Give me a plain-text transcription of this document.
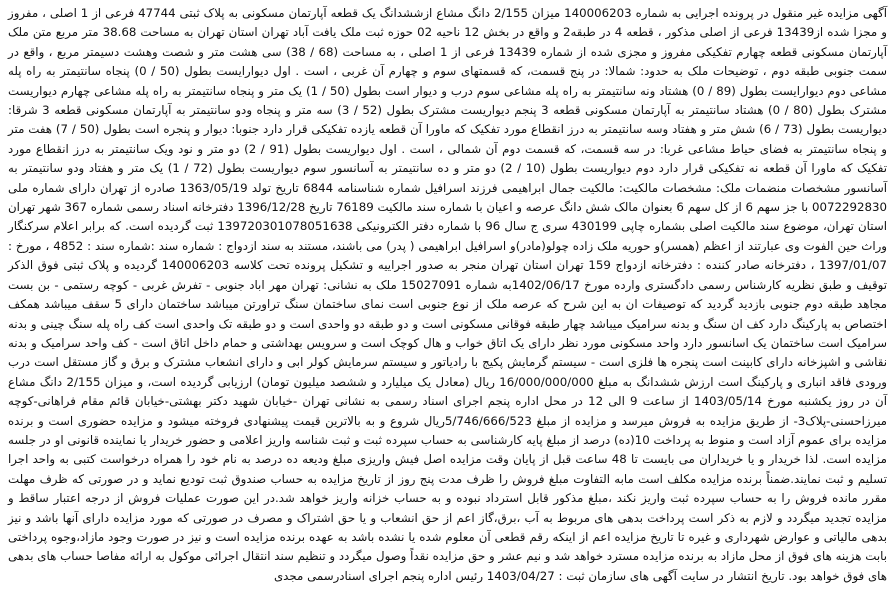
آگهی مزایده غیر منقول در پرونده اجرایی به شماره 140006203 میزان 2/155 دانگ مشاع ازششدانگ یک قطعه آپارتمان مسکونی به پلاک ثبتی 47744 فرعی از 1 اصلی ، مفروز و مجزا شده از13439 فرعی از اصلی مذکور ، قطعه 4 در طبقه2 و واقع در بخش 12 ناحیه 02 حوزه ثبت ملک یافت آباد تهران استان تهران به مساحت 38.68 متر مربع متن ملک آپارتمان مسکونی قطعه چهارم تفکیکی مفروز و مجزی شده از شماره 13439 فرعی از 1 اصلی ، به مساحت (68 / 38) سی هشت متر و شصت وهشت دسیمتر مربع ، واقع در سمت جنوبی طبقه دوم ، توضیحات ملک به حدود: شمالا: در پنج قسمت، که قسمتهای سوم و چهارم آن غربی ، است . اول دیوارایست بطول (50 / 0) پنجاه سانتیمتر به راه پله مشاعی دوم دیوارایست بطول (89 / 0) هشتاد ونه سانتیمتر به راه پله مشاعی سوم درب و دیوار است بطول (50 / 1) یک متر و پنجاه سانتیمتر به راه پله مشاعی چهارم دیواریست مشترک بطول (80 / 0) هشتاد سانتیمتر به آپارتمان مسکونی قطعه 3 پنجم دیواریست مشترک بطول (52 / 3) سه متر و پنجاه ودو سانتیمتر به آپارتمان مسکونی قطعه 3 شرقا: دیواریست بطول (73 / 6) شش متر و هفتاد وسه سانتیمتر به درز انقطاع مورد تفکیک که ماورا آن قطعه یازده تفکیکی قرار دارد جنوبا: دیوار و پنجره است بطول (50 / 7) هفت متر و پنجاه سانتیمتر به فضای حیاط مشاعی غربا: در سه قسمت، که قسمت دوم آن شمالی ، است . اول دیواریست بطول (91 / 2) دو متر و نود ویک سانتیمتر به درز انقطاع مورد تفکیک که ماورا آن قطعه نه تفکیکی قرار دارد دوم دیواریست بطول (10 / 2) دو متر و ده سانتیمتر به آسانسور سوم دیواریست بطول (72 / 1) یک متر و هفتاد ودو سانتیمتر به آسانسور مشخصات منضمات ملک: مشخصات مالکیت: مالکیت جمال ابراهیمی فرزند اسرافیل شماره شناسنامه 6844 تاریخ تولد 1363/05/19 صادره از تهران دارای شماره ملی 0072292830 با جز سهم 6 از کل سهم 6 بعنوان مالک شش دانگ عرصه و اعیان با شماره سند مالکیت 76189 تاریخ 1396/12/28 دفترخانه اسناد رسمی شماره 367 شهر تهران استان تهران، موضوع سند مالکیت اصلی بشماره چاپی 430199 سری ج سال 96 با شماره دفتر الکترونیکی 139720301078051638 ثبت گردیده است. که برابر اعلام سرکنگار وراث حین الفوت وی عبارتند از اعظم (همسر)و حوریه ملک زاده چولو(مادر)و اسرافیل ابراهیمی ( پدر) می باشند، مستند به سند ازدواج : شماره سند :شماره سند : 4852 ، مورخ : 1397/01/07 ، دفترخانه صادر کننده : دفترخانه ازدواج 159 تهران استان تهران منجر به صدور اجراییه و تشکیل پرونده تحت کلاسه 140006203 گردیده و پلاک ثبتی فوق الذکر توقیف و طبق نظریه کارشناس رسمی دادگستری وارده مورخ 1402/06/17به شماره 15027091 ملک به نشانی: تهران مهر اباد جنوبی - تفرش غربی - کوچه رستمی - بن بست مجاهد طبقه دوم جنوبی بازدید گردید که توصیفات ان به این شرح که عرصه ملک از نوع جنوبی است نمای ساختمان سنگ تراورتن میباشد ساختمان دارای 5 سقف میباشد همکف اختصاص به پارکینگ دارد کف ان سنگ و بدنه سرامیک میباشد چهار طبقه فوقانی مسکونی است و دو طبقه دو واحدی است و دو طبقه تک واحدی است کف راه پله سنگ چینی و بدنه سرامیک است ساختمان یک اسانسور دارد واحد مسکونی مورد نظر دارای یک اتاق خواب و هال کوچک است و سرویس بهداشتی و حمام داخل اتاق است - کف واحد سرامیک و بدنه نقاشی و اشپزخانه دارای کابینت است پنجره ها فلزی است - سیستم گرمایش پکیج با رادیاتور و سیستم سرمایش کولر ابی و دارای انشعاب مشترک و برق و گاز مستقل است درب ورودی فاقد انباری و پارکینگ است ارزش ششدانگ به مبلغ 16/000/000/000 ریال (معادل یک میلیارد و ششصد میلیون تومان) ارزیابی گردیده است، و میزان 2/155 دانگ مشاع آن در روز یکشنبه مورخ 1403/05/14 از ساعت 9 الی 12 در محل اداره پنجم اجرای اسناد رسمی به نشانی تهران -خیابان شهید دکتر بهشتی-خیابان قائم مقام فراهانی-کوچه میرزاحسنی-پلاک3- از طریق مزایده به فروش میرسد و مزایده از مبلغ 5/746/666/523ریال شروع و به بالاترین قیمت پیشنهادی فروخته میشود و مزایده حضوری است و برنده مزایده برای عموم آزاد است و منوط به پرداخت 10(ده) درصد از مبلغ پایه کارشناسی به حساب سپرده ثبت و ثبت شناسه واریز اعلامی و حضور خریدار یا نماینده قانونی او در جلسه مزایده است. لذا خریدار و یا خریداران می بایست تا 48 ساعت قبل از پایان وقت مزایده اصل فیش واریزی مبلغ ودیعه ده درصد به نام خود را همراه درخواست کتبی به واحد اجرا تسلیم و ثبت نمایند.ضمناً برنده مزایده مکلف است مابه التفاوت مبلغ فروش را ظرف مدت پنج روز از تاریخ مزایده به حساب صندوق ثبت تودیع نماید و در صورتی که ظرف مهلت مقرر مانده فروش را به حساب سپرده ثبت واریز نکند ،مبلغ مذکور قابل استرداد نبوده و به حساب خزانه واریز خواهد شد.در این صورت عملیات فروش از درجه اعتبار ساقط و مزایده تجدید میگردد و لازم به ذکر است پرداخت بدهی های مربوط به آب ،برق،گاز اعم از حق انشعاب و یا حق اشتراک و مصرف در صورتی که مورد مزایده دارای آنها باشد و نیز بدهی مالیاتی و عوارض شهرداری و غیره تا تاریخ مزایده اعم از اینکه رقم قطعی آن معلوم شده یا نشده باشد به عهده برنده مزایده است و نیز در صورت وجود مازاد،وجوه پرداختی بابت هزینه های فوق از محل مازاد به برنده مزایده مسترد خواهد شد و نیم عشر و حق مزایده نقداً وصول میگردد و تنظیم سند انتقال اجرائی موکول به ارائه مفاصا حساب های بدهی های فوق خواهد بود. تاریخ انتشار در سایت آگهی های سازمان ثبت : 1403/04/27 رئیس اداره پنجم اجرای اسنادرسمی مجدی
